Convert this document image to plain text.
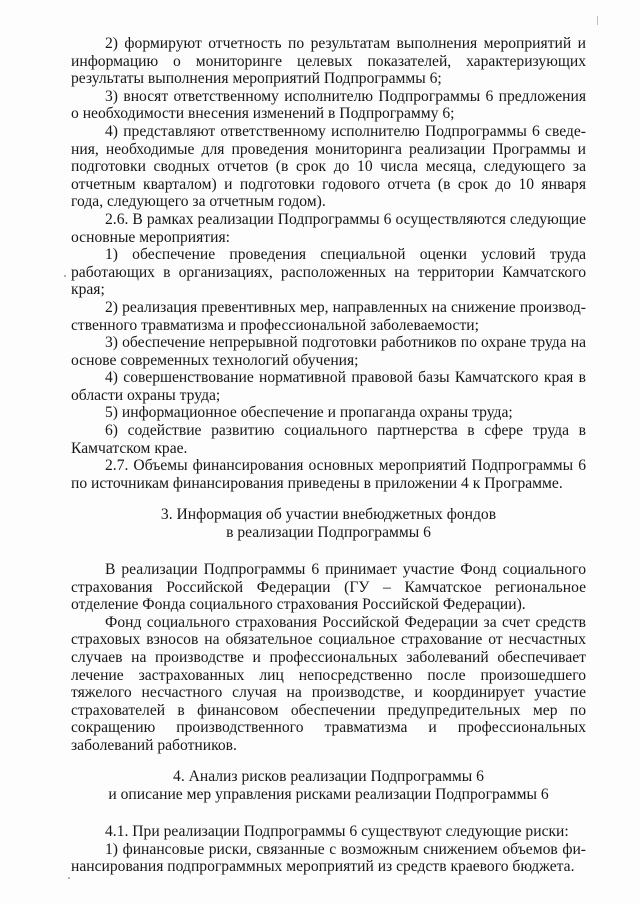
2) формируют отчетность по результатам выполнения мероприятий и информацию о мониторинге целевых показателей, характеризующих результаты выполнения мероприятий Подпрограммы 6;

3) вносят ответственному исполнителю Подпрограммы 6 предложения о необходимости внесения изменений в Подпрограмму 6;

4) представляют ответственному исполнителю Подпрограммы 6 сведения, необходимые для проведения мониторинга реализации Программы и подготовки сводных отчетов (в срок до 10 числа месяца, следующего за отчетным кварталом) и подготовки годового отчета (в срок до 10 января года, следующего за отчетным годом).

2.6. В рамках реализации Подпрограммы 6 осуществляются следующие основные мероприятия:

1) обеспечение проведения специальной оценки условий труда работающих в организациях, расположенных на территории Камчатского края;

2) реализация превентивных мер, направленных на снижение производственного травматизма и профессиональной заболеваемости;

3) обеспечение непрерывной подготовки работников по охране труда на основе современных технологий обучения;

4) совершенствование нормативной правовой базы Камчатского края в области охраны труда;

5) информационное обеспечение и пропаганда охраны труда;

6) содействие развитию социального партнерства в сфере труда в Камчатском крае.

2.7. Объемы финансирования основных мероприятий Подпрограммы 6 по источникам финансирования приведены в приложении 4 к Программе.

3. Информация об участии внебюджетных фондов
в реализации Подпрограммы 6

В реализации Подпрограммы 6 принимает участие Фонд социального страхования Российской Федерации (ГУ – Камчатское региональное отделение Фонда социального страхования Российской Федерации).

Фонд социального страхования Российской Федерации за счет средств страховых взносов на обязательное социальное страхование от несчастных случаев на производстве и профессиональных заболеваний обеспечивает лечение застрахованных лиц непосредственно после произошедшего тяжелого несчастного случая на производстве, и координирует участие страхователей в финансовом обеспечении предупредительных мер по сокращению производственного травматизма и профессиональных заболеваний работников.

4. Анализ рисков реализации Подпрограммы 6
и описание мер управления рисками реализации Подпрограммы 6

4.1. При реализации Подпрограммы 6 существуют следующие риски:

1) финансовые риски, связанные с возможным снижением объемов финансирования подпрограммных мероприятий из средств краевого бюджета.
